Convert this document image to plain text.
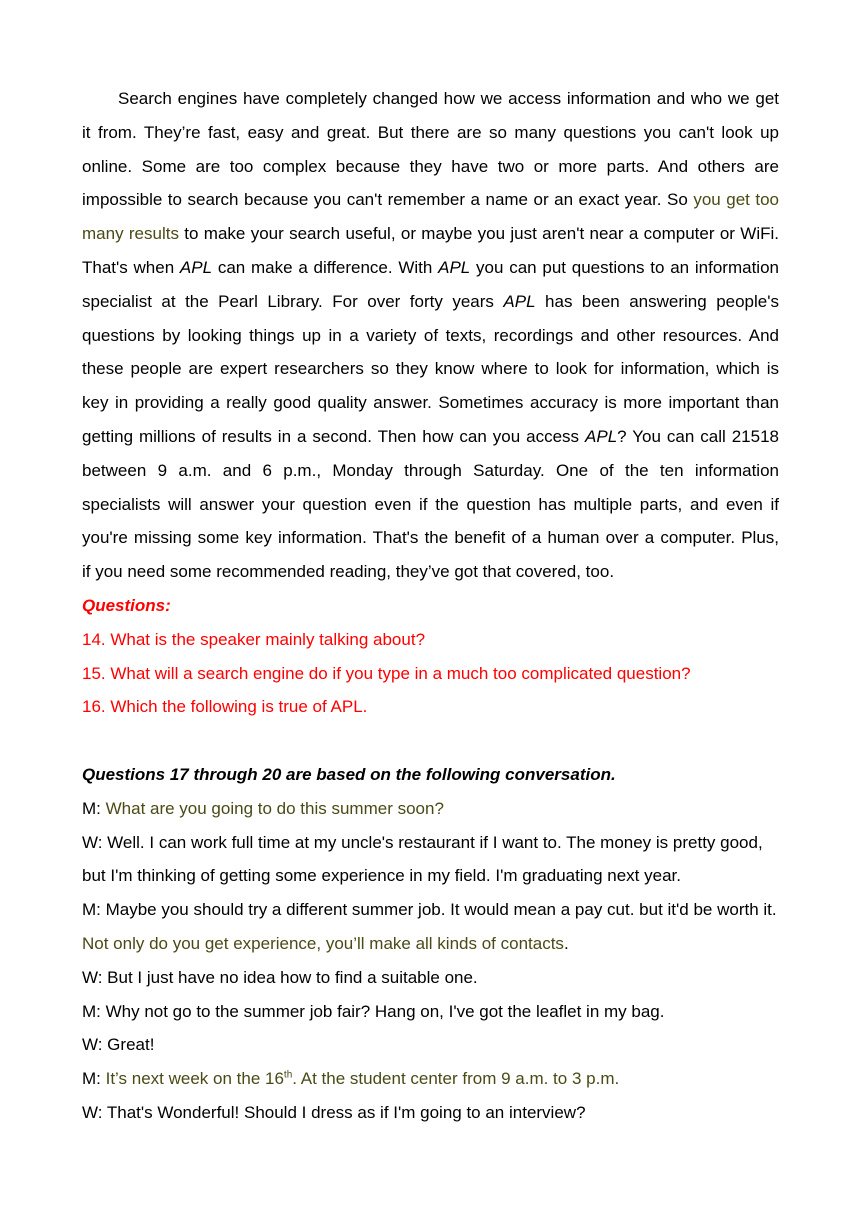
Search engines have completely changed how we access information and who we get
it from. They’re fast, easy and great. But there are so many questions you can't look up
online. Some are too complex because they have two or more parts. And others are
impossible to search because you can't remember a name or an exact year. So you get too
many results to make your search useful, or maybe you just aren't near a computer or WiFi.
That's when APL can make a difference. With APL you can put questions to an information
specialist at the Pearl Library. For over forty years APL has been answering people's
questions by looking things up in a variety of texts, recordings and other resources. And
these people are expert researchers so they know where to look for information, which is
key in providing a really good quality answer. Sometimes accuracy is more important than
getting millions of results in a second. Then how can you access APL? You can call 21518
between 9 a.m. and 6 p.m., Monday through Saturday. One of the ten information
specialists will answer your question even if the question has multiple parts, and even if
you're missing some key information. That's the benefit of a human over a computer. Plus,
if you need some recommended reading, they’ve got that covered, too.
Questions:
14. What is the speaker mainly talking about?
15. What will a search engine do if you type in a much too complicated question?
16. Which the following is true of APL.
Questions 17 through 20 are based on the following conversation.
M: What are you going to do this summer soon?
W: Well. I can work full time at my uncle's restaurant if I want to. The money is pretty good,
but I'm thinking of getting some experience in my field. I'm graduating next year.
M: Maybe you should try a different summer job. It would mean a pay cut. but it'd be worth it.
Not only do you get experience, you’ll make all kinds of contacts.
W: But I just have no idea how to find a suitable one.
M: Why not go to the summer job fair? Hang on, I've got the leaflet in my bag.
W: Great!
M: It’s next week on the 16th. At the student center from 9 a.m. to 3 p.m.
W: That's Wonderful! Should I dress as if I'm going to an interview?
